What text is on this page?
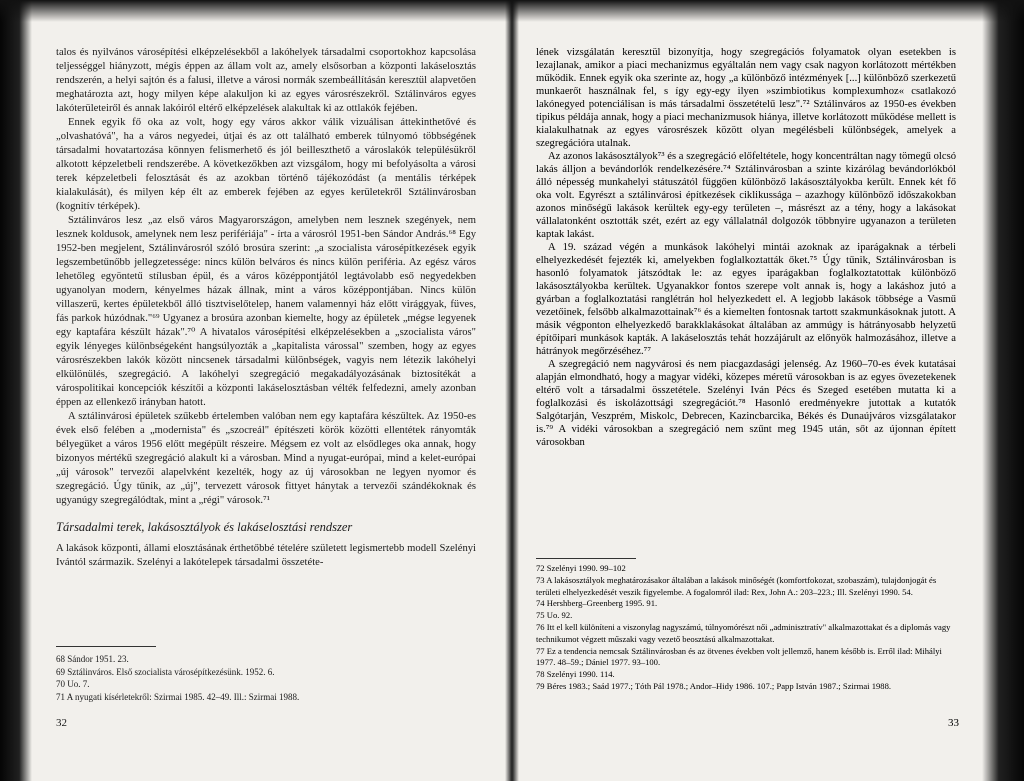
talos és nyilvános városépítési elképzelésekből a lakóhelyek társadalmi csoportokhoz kapcsolása teljességgel hiányzott, mégis éppen az állam volt az, amely elsősorban a központi lakáselosztás rendszerén, a helyi sajtón és a falusi, illetve a városi normák szembeállításán keresztül alapvetően meghatározta azt, hogy milyen képe alakuljon ki az egyes városrészekről. Sztálinváros egyes lakóterületeiről és annak lakóiról eltérő elképzelések alakultak ki az ottlakók fejében.

Ennek egyik fő oka az volt, hogy egy város akkor válik vizuálisan áttekinthetővé és „olvashatóvá", ha a város negyedei, útjai és az ott található emberek túlnyomó többségének társadalmi hovatartozása könnyen felismerhető és jól beilleszthető a városlakók településükről alkotott képzeletbeli rendszerébe. A következőkben azt vizsgálom, hogy mi befolyásolta a városi terek képzeletbeli felosztását és az azokban történő tájékozódást (a mentális térképek kialakulását), és milyen kép élt az emberek fejében az egyes kerületekről Sztálinvárosban (kognitív térképek).

Sztálinváros lesz „az első város Magyarországon, amelyben nem lesznek szegények, nem lesznek koldusok, amelynek nem lesz perifériája" - írta a városról 1951-ben Sándor András.⁶⁸ Egy 1952-ben megjelent, Sztálinvárosról szóló brosúra szerint: „a szocialista városépítkezések egyik legszembetűnőbb jellegzetessége: nincs külön belváros és nincs külön periféria. Az egész város lehetőleg egyöntetű stílusban épül, és a város középpontjától legtávolabb eső negyedekben ugyanolyan modern, kényelmes házak állnak, mint a város középpontjában. Nincs külön villaszerű, kertes épületekből álló tisztviselőtelep, hanem valamennyi ház előtt virággyak, füves, fás parkok húzódnak."⁶⁹ Ugyanez a brosúra azonban kiemelte, hogy az épületek „mégse legyenek egy kaptafára készült házak".⁷⁰ A hivatalos városépítési elképzelésekben a „szocialista város" egyik lényeges különbségeként hangsúlyozták a „kapitalista várossal" szemben, hogy az egyes városrészekben lakók között nincsenek társadalmi különbségek, vagyis nem létezik lakóhelyi elkülönülés, szegregáció. A lakóhelyi szegregáció megakadályozásának biztosítékát a várospolitikai koncepciók készítői a központi lakáselosztásban vélték felfedezni, amely azonban éppen az ellenkező irányban hatott.

A sztálinvárosi épületek szűkebb értelemben valóban nem egy kaptafára készültek. Az 1950-es évek első felében a „modernista" és „szocreál" építészeti körök közötti ellentétek rányomták bélyegüket a város 1956 előtt megépült részeire. Mégsem ez volt az elsődleges oka annak, hogy bizonyos mértékű szegregáció alakult ki a városban. Mind a nyugat-európai, mind a kelet-európai „új városok" tervezői alapelvként kezelték, hogy az új városokban ne legyen nyomor és szegregáció. Úgy tűnik, az „új", tervezett városok fittyet hánytak a tervezői szándékoknak és ugyanúgy szegregálódtak, mint a „régi" városok.⁷¹

Társadalmi terek, lakásosztályok és lakáselosztási rendszer

A lakások központi, állami elosztásának érthetőbbé tételére született legismertebb modell Szelényi Ivántól származik. Szelényi a lakótelepek társadalmi összetéte-

68 Sándor 1951. 23.
69 Sztálinváros. Első szocialista városépítkezésünk. 1952. 6.
70 Uo. 7.
71 A nyugati kísérletekről: Szirmai 1985. 42–49. Ill.: Szirmai 1988.
32

lének vizsgálatán keresztül bizonyítja, hogy szegregációs folyamatok olyan esetekben is lezajlanak, amikor a piaci mechanizmus egyáltalán nem vagy csak nagyon korlátozott mértékben működik. Ennek egyik oka szerinte az, hogy „a különböző intézmények [...] különböző szerkezetű munkaerőt használnak fel, s így egy-egy ilyen »szimbiotikus komplexumhoz« csatlakozó lakónegyed potenciálisan is más társadalmi összetételű lesz".⁷² Sztálinváros az 1950-es években tipikus példája annak, hogy a piaci mechanizmusok hiánya, illetve korlátozott működése mellett is kialakulhatnak az egyes városrészek között olyan megélésbeli különbségek, amelyek a szegregációra utalnak.

Az azonos lakásosztályok⁷³ és a szegregáció előfeltétele, hogy koncentráltan nagy tömegű olcsó lakás álljon a bevándorlók rendelkezésére.⁷⁴ Sztálinvárosban a szinte kizárólag bevándorlókból álló népesség munkahelyi státuszától függően különböző lakásosztályokba került. Ennek két fő oka volt. Egyrészt a sztálinvárosi építkezések ciklikussága – azazhogy különböző időszakokban azonos minőségű lakások kerültek egy-egy területen –, másrészt az a tény, hogy a lakásokat vállalatonként osztották szét, ezért az egy vállalatnál dolgozók többnyire ugyanazon a területen kaptak lakást.

A 19. század végén a munkások lakóhelyi mintái azoknak az iparágaknak a térbeli elhelyezkedését fejezték ki, amelyekben foglalkoztatták őket.⁷⁵ Úgy tűnik, Sztálinvárosban is hasonló folyamatok játszódtak le: az egyes iparágakban foglalkoztatottak különböző lakásosztályokba kerültek. Ugyanakkor fontos szerepe volt annak is, hogy a lakáshoz jutó a gyárban a foglalkoztatási ranglétrán hol helyezkedett el. A legjobb lakások többsége a Vasmű vezetőinek, felsőbb alkalmazottainak⁷⁶ és a kiemelten fontosnak tartott szakmunkásoknak jutott. A másik végponton elhelyezkedő barakklakásokat általában az ammúgy is hátrányosabb helyzetű építőipari munkások kapták. A lakáselosztás tehát hozzájárult az előnyök halmozásához, illetve a hátrányok megőrzéséhez.⁷⁷

A szegregáció nem nagyvárosi és nem piacgazdasági jelenség. Az 1960–70-es évek kutatásai alapján elmondható, hogy a magyar vidéki, közepes méretű városokban is az egyes övezetekenek eltérő volt a társadalmi összetétele. Szelényi Iván Pécs és Szeged esetében mutatta ki a foglalkozási és iskolázottsági szegregációt.⁷⁸ Hasonló eredményekre jutottak a kutatók Salgótarján, Veszprém, Miskolc, Debrecen, Kazincbarcika, Békés és Dunaújváros vizsgálatakor is.⁷⁹ A vidéki városokban a szegregáció nem szűnt meg 1945 után, sőt az újonnan épített városokban

72 Szelényi 1990. 99–102
73 A lakásosztályok meghatározásakor általában a lakások minőségét (komfortfokozat, szobaszám), tulajdonjogát és területi elhelyezkedését veszik figyelembe. A fogalomról ilad: Rex, John A.: 203–223.; Ill. Szelényi 1990. 54.
74 Hershberg–Greenberg 1995. 91.
75 Uo. 92.
76 Itt el kell különíteni a viszonylag nagyszámú, túlnyomórészt női „adminisztratív" alkalmazottakat és a diplomás vagy technikumot végzett műszaki vagy vezető beosztású alkalmazottakat.
77 Ez a tendencia nemcsak Sztálinvárosban és az ötvenes években volt jellemző, hanem később is. Erről ilad: Mihályi 1977. 48–59.; Dániel 1977. 93–100.
78 Szelényi 1990. 114.
79 Béres 1983.; Saád 1977.; Tóth Pál 1978.; Andor–Hidy 1986. 107.; Papp István 1987.; Szirmai 1988.
33
